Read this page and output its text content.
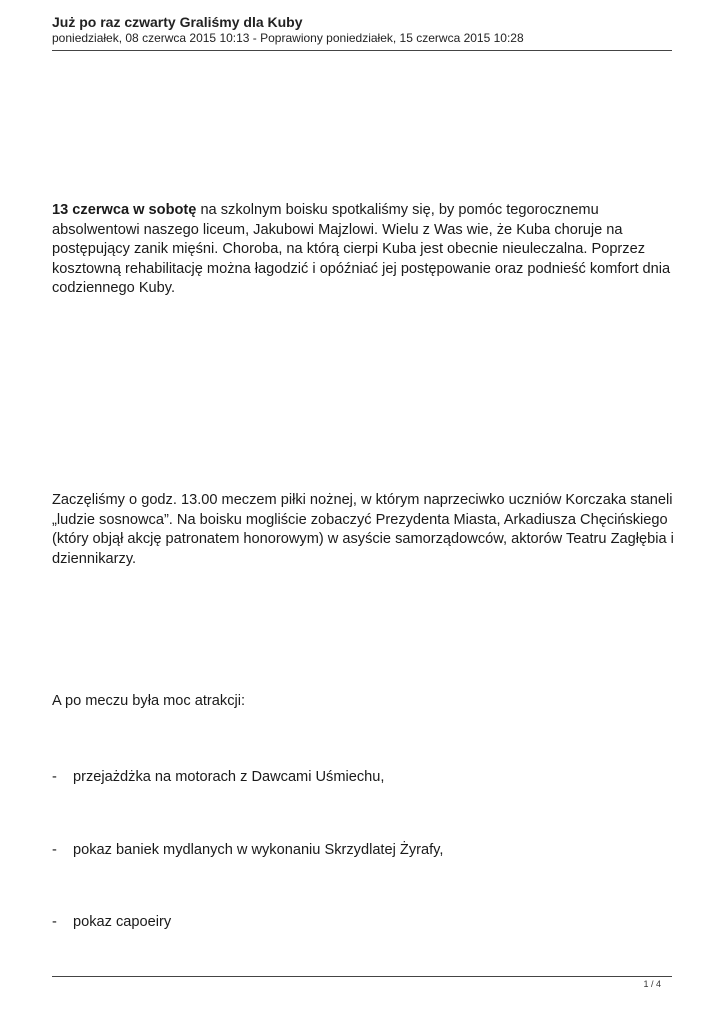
Już po raz czwarty Graliśmy dla Kuby

poniedziałek, 08 czerwca 2015 10:13 - Poprawiony poniedziałek, 15 czerwca 2015 10:28

13 czerwca w sobotę na szkolnym boisku spotkaliśmy się, by pomóc tegorocznemu absolwentowi naszego liceum, Jakubowi Majzlowi. Wielu z Was wie, że Kuba choruje na postępujący zanik mięśni. Choroba, na którą cierpi Kuba jest obecnie nieuleczalna. Poprzez kosztowną rehabilitację można łagodzić i opóźniać jej postępowanie oraz podnieść komfort dnia codziennego Kuby.

Zaczęliśmy o godz. 13.00 meczem piłki nożnej, w którym naprzeciwko uczniów Korczaka staneli „ludzie sosnowca”. Na boisku mogliście zobaczyć Prezydenta Miasta, Arkadiusza Chęcińskiego (który objął akcję patronatem honorowym) w asyście samorządowców, aktorów Teatru Zagłębia i dziennikarzy.

A po meczu była moc atrakcji:

- przejażdżka na motorach z Dawcami Uśmiechu,

- pokaz baniek mydlanych w wykonaniu Skrzydlatej Żyrafy,

- pokaz capoeiry

1 / 4
